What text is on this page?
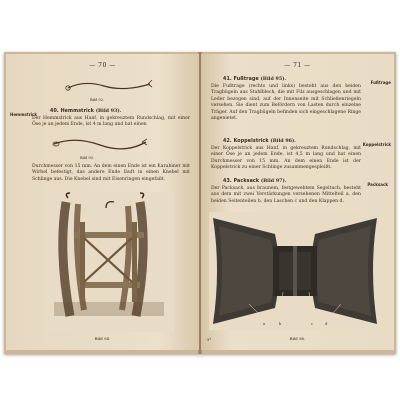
— 70 —
Bild 92.
Hemmstrick
40. Hemmstrick (Bild 93).
Der Hemmstrick aus Hanf, in gekreuztem Rundschlag, mit einer Öse je an jedem Ende, ist 4 m lang und hat einen
Bild 93.
Durchmesser von 15 mm. An dem einen Ende ist ein Karabiner mit Wirbel befestigt, das andere Ende läuft in einen Knebel mit Schlinge aus. Die Knebel sind mit Eisenringen eingefaßt.
Bild 94.
— 71 —
Fußtrage
41. Fußtrage (Bild 95).
Die Fußtrage (rechts und links) besteht aus den beiden Tragbügeln aus Stahlblech, die mit Filz ausgeschlagen und mit Leder bezogen sind, auf der Innenseite mit Schließenriegeln versehen. Sie dient zum Befördern von Lasten durch einzelne Träger. Auf den Tragbügeln befinden sich eingeschlagene Ringe angenietet.
Koppelstrick
42. Koppelstrick (Bild 96).
Der Koppelstrick aus Hanf, in gekreuztem Rundschlag, mit einer Öse je an jedem Ende, ist 4,5 m lang und hat einen Durchmesser von 15 mm. An dem einen Ende ist der Koppelstrick zu einer Schlinge zusammengespleißt.
Packsack
43. Packsack (Bild 97).
Der Packsack, aus braunem, festgewebtem Segeltuch, besteht aus dem mit zwei Verstärkungen versehenen Mittelteil a, den beiden Seitenteilen b, den Laschen c und den Klappen d.
a	b	c	d
Bild 96.
5*
